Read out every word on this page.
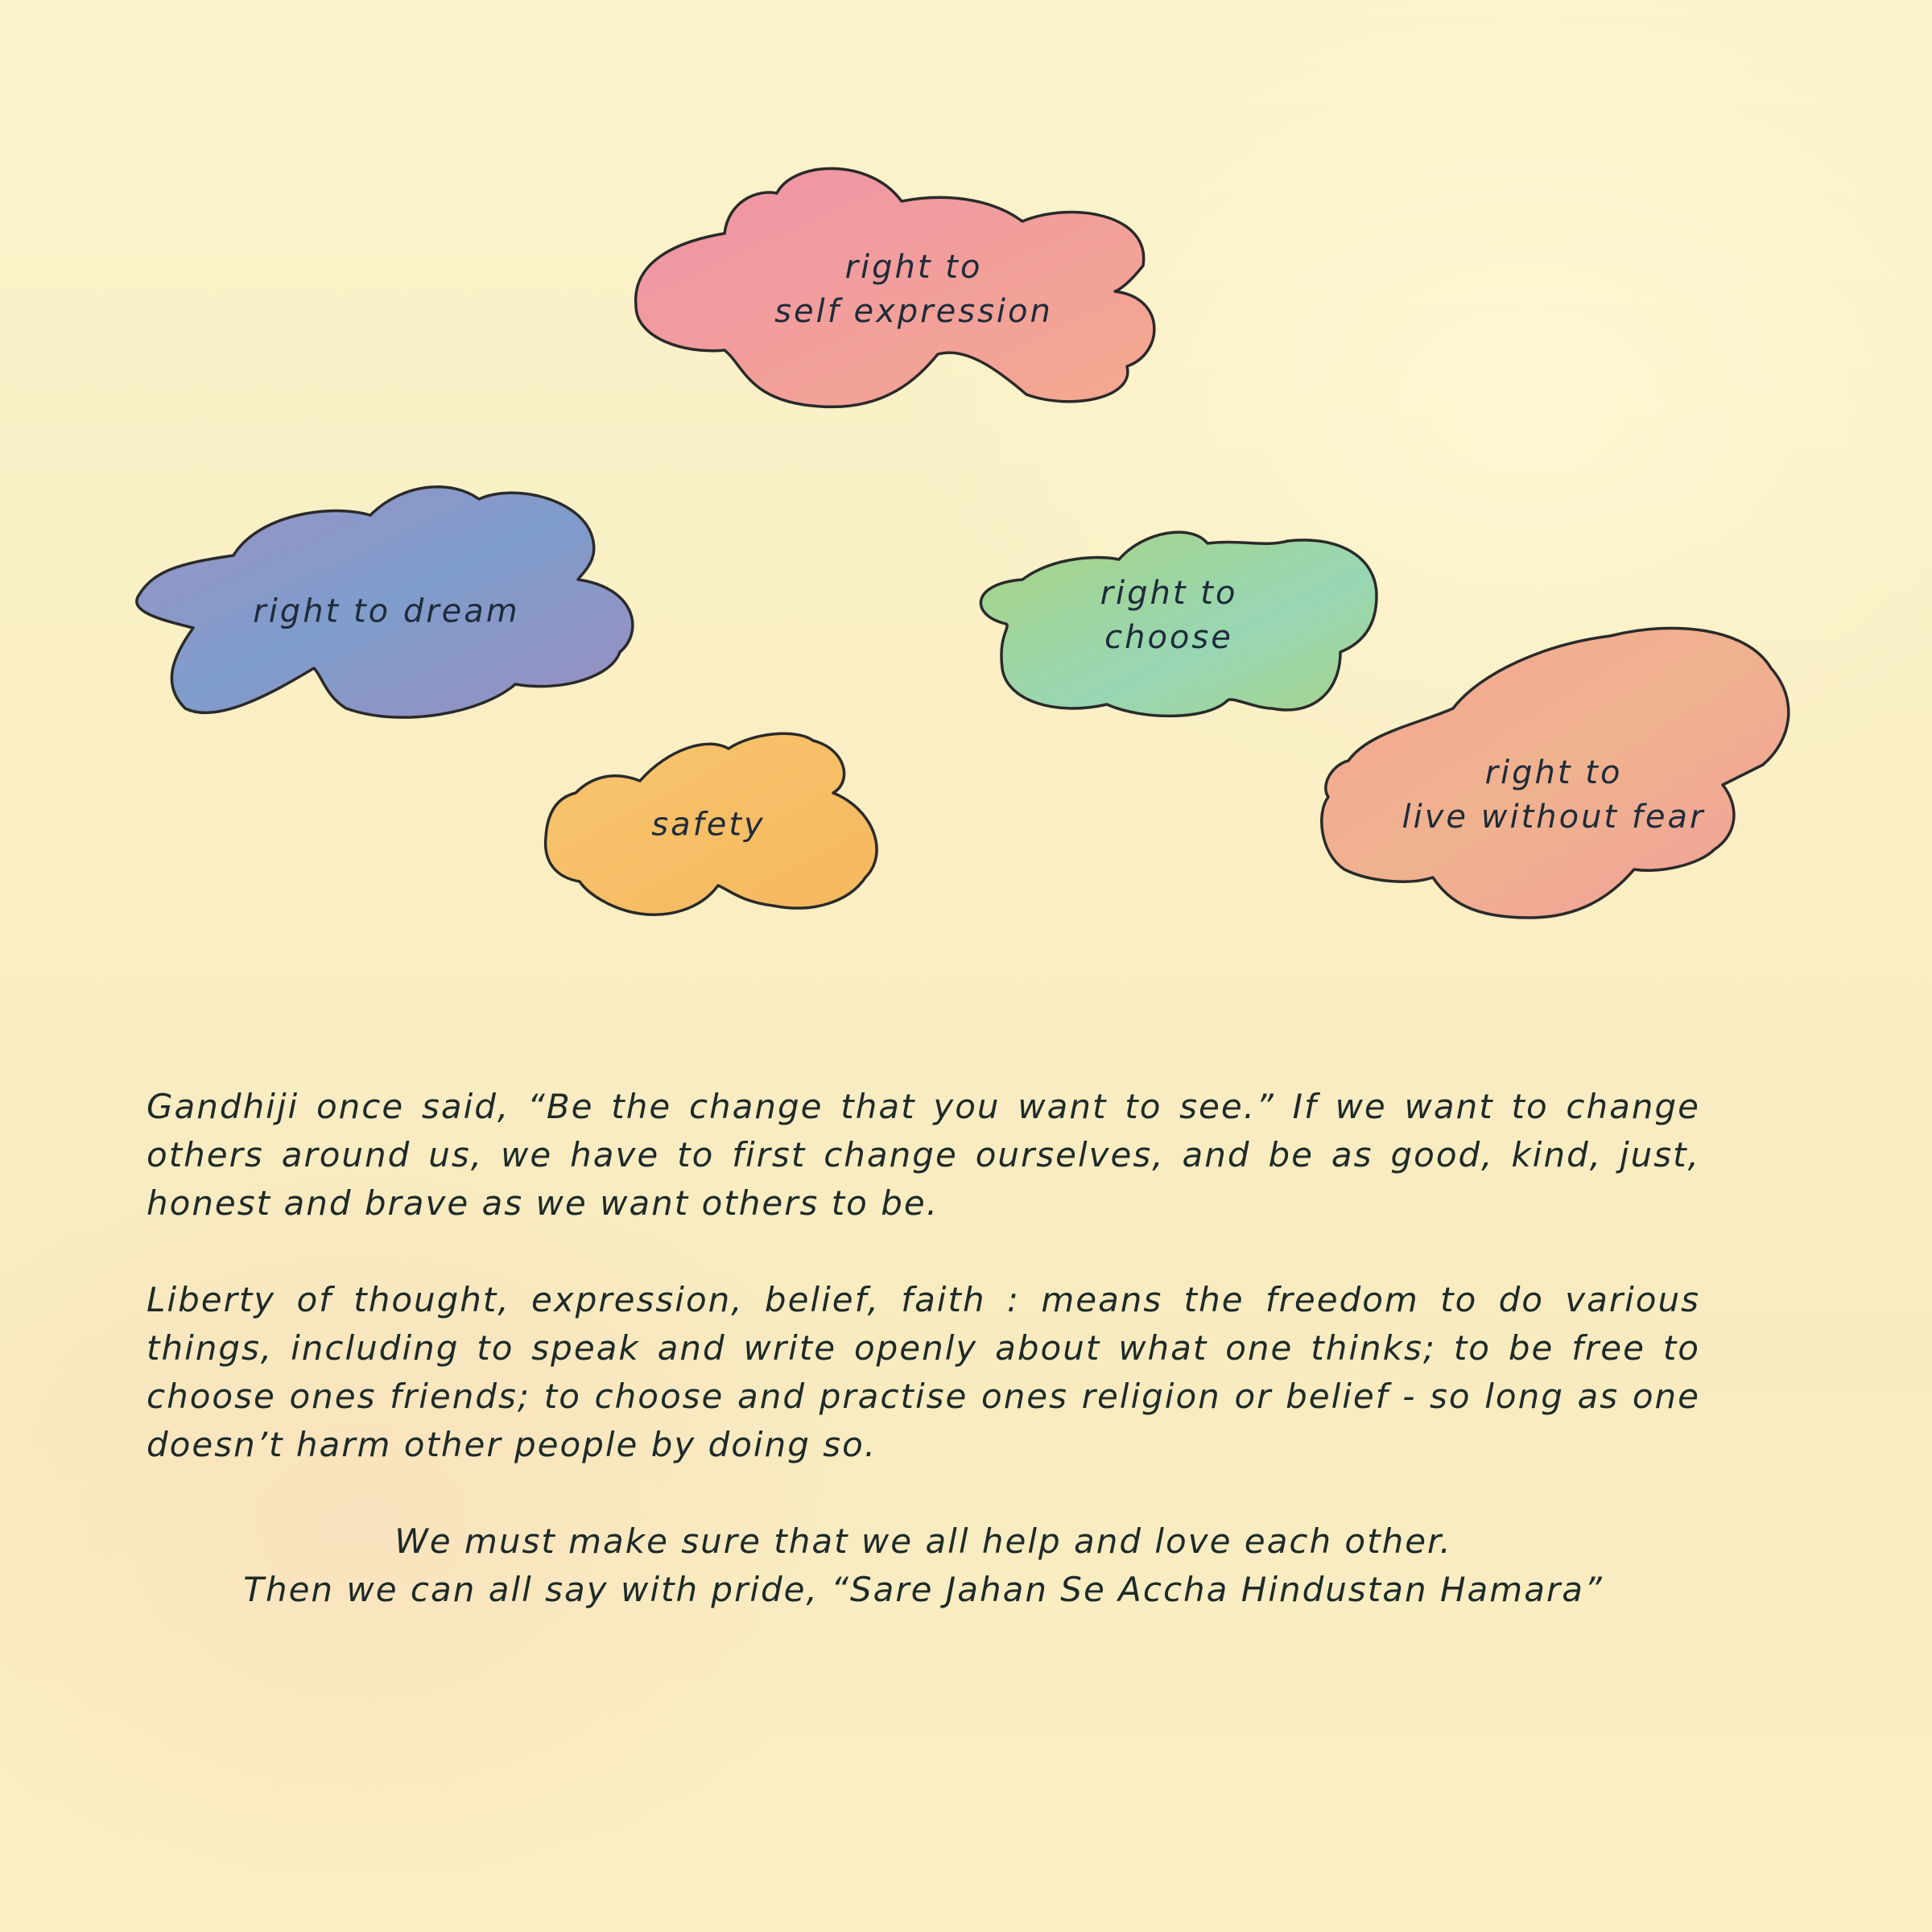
right to
self expression
right to dream	right to
choose
safety
right to
live without fear

Gandhiji once said, “Be the change that you want to see.” If we want to change
others around us, we have to first change ourselves, and be as good, kind, just,
honest and brave as we want others to be.

Liberty of thought, expression, belief, faith : means the freedom to do various
things, including to speak and write openly about what one thinks; to be free to
choose ones friends; to choose and practise ones religion or belief - so long as one
doesn’t harm other people by doing so.

We must make sure that we all help and love each other.
Then we can all say with pride, “Sare Jahan Se Accha Hindustan Hamara”
